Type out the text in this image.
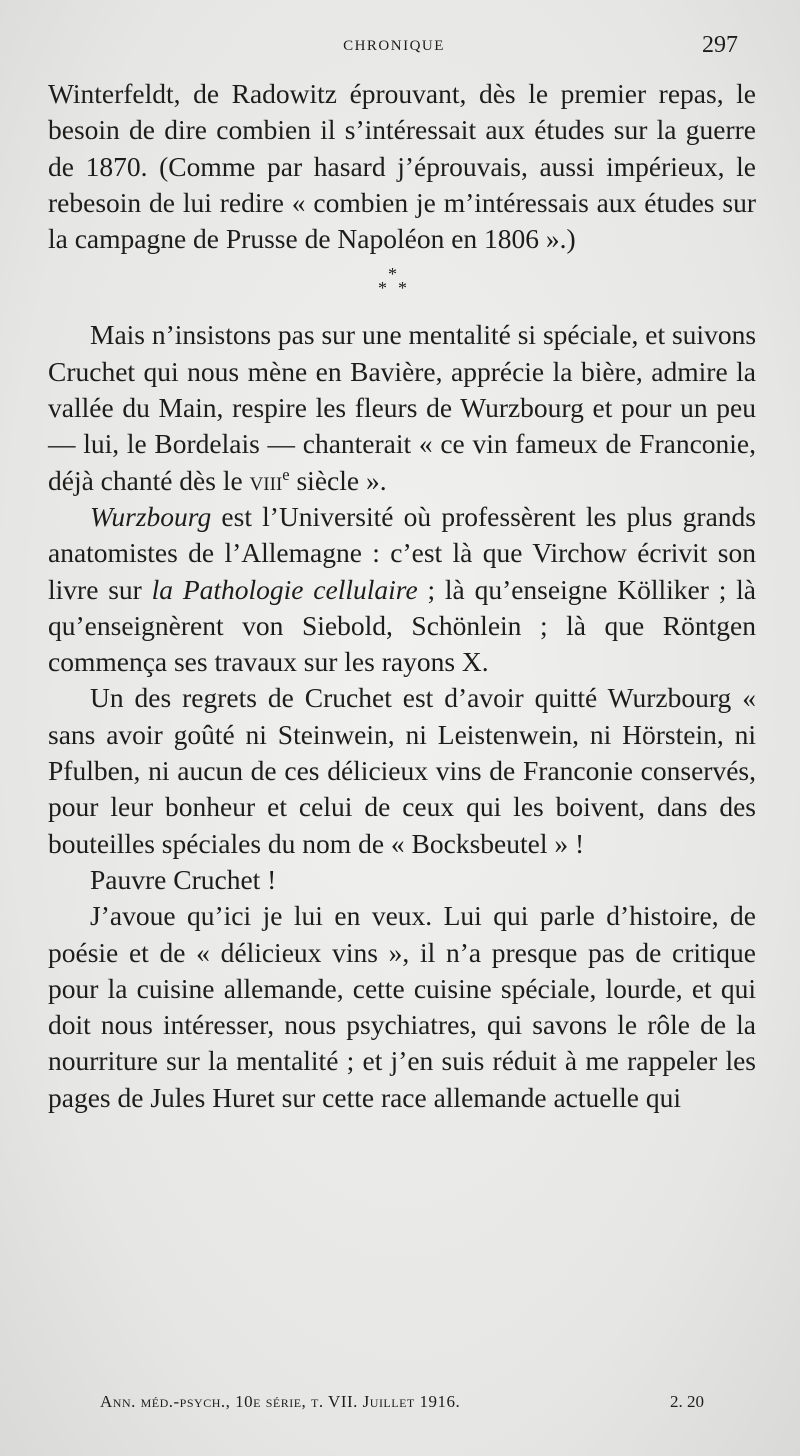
CHRONIQUE	297

Winterfeldt, de Radowitz éprouvant, dès le premier repas, le besoin de dire combien il s’intéressait aux études sur la guerre de 1870. (Comme par hasard j’éprouvais, aussi impérieux, le rebesoin de lui redire « combien je m’intéressais aux études sur la campagne de Prusse de Napoléon en 1806 ».)

*
* *

Mais n’insistons pas sur une mentalité si spéciale, et suivons Cruchet qui nous mène en Bavière, apprécie la bière, admire la vallée du Main, respire les fleurs de Wurzbourg et pour un peu — lui, le Bordelais — chanterait « ce vin fameux de Franconie, déjà chanté dès le viii$^e$ siècle ».

Wurzbourg est l’Université où professèrent les plus grands anatomistes de l’Allemagne : c’est là que Virchow écrivit son livre sur la Pathologie cellulaire ; là qu’enseigne Kölliker ; là qu’enseignèrent von Siebold, Schönlein ; là que Röntgen commença ses travaux sur les rayons X.

Un des regrets de Cruchet est d’avoir quitté Wurzbourg « sans avoir goûté ni Steinwein, ni Leistenwein, ni Hörstein, ni Pfulben, ni aucun de ces délicieux vins de Franconie conservés, pour leur bonheur et celui de ceux qui les boivent, dans des bouteilles spéciales du nom de « Bocksbeutel » !

Pauvre Cruchet !

J’avoue qu’ici je lui en veux. Lui qui parle d’histoire, de poésie et de « délicieux vins », il n’a presque pas de critique pour la cuisine allemande, cette cuisine spéciale, lourde, et qui doit nous intéresser, nous psychiatres, qui savons le rôle de la nourriture sur la mentalité ; et j’en suis réduit à me rappeler les pages de Jules Huret sur cette race allemande actuelle qui

Ann. méd.-psych., 10e série, t. VII. Juillet 1916.	2. 20
